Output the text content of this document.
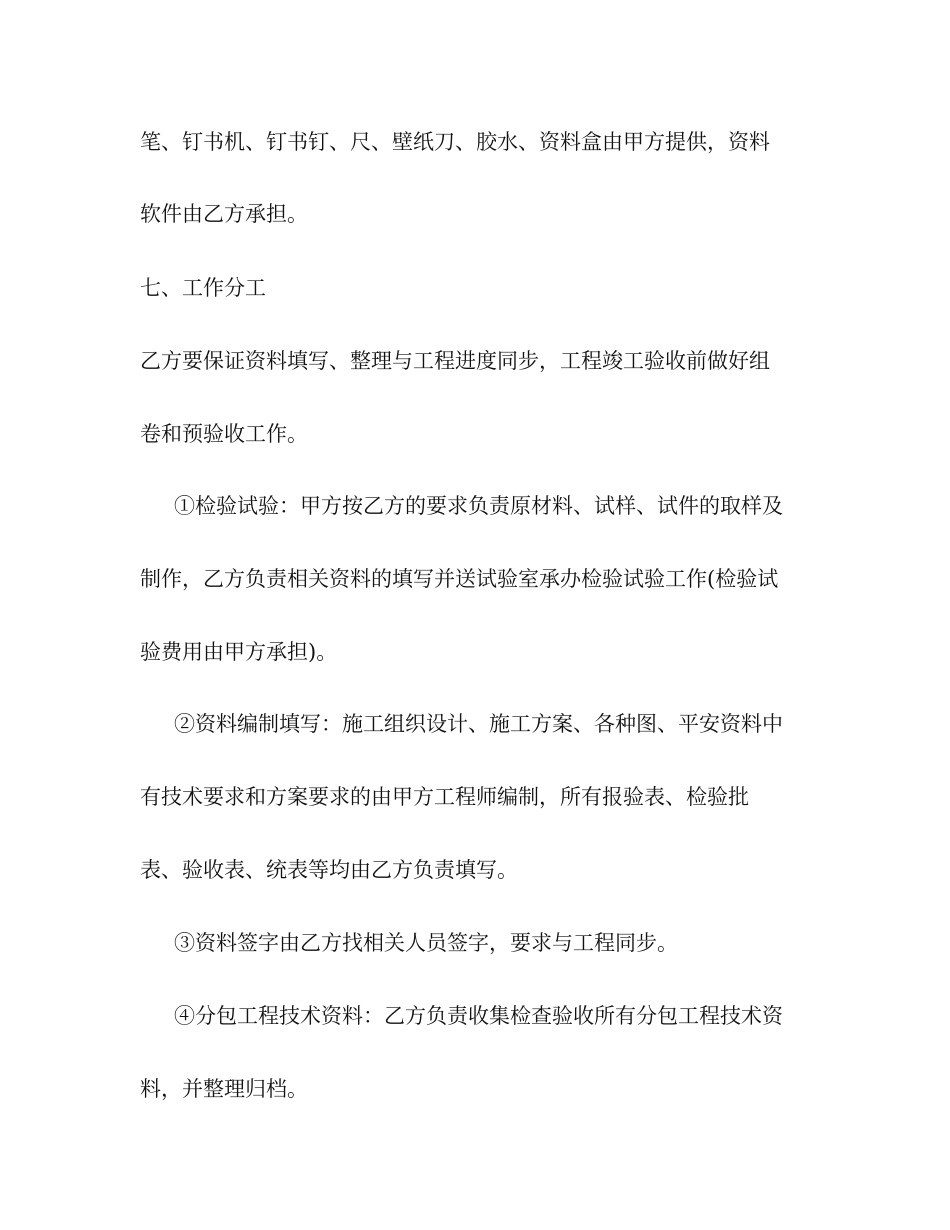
笔、钉书机、钉书钉、尺、壁纸刀、胶水、资料盒由甲方提供，资料

软件由乙方承担。

七、工作分工

乙方要保证资料填写、整理与工程进度同步，工程竣工验收前做好组

卷和预验收工作。

①检验试验：甲方按乙方的要求负责原材料、试样、试件的取样及

制作，乙方负责相关资料的填写并送试验室承办检验试验工作(检验试

验费用由甲方承担)。

②资料编制填写：施工组织设计、施工方案、各种图、平安资料中

有技术要求和方案要求的由甲方工程师编制，所有报验表、检验批

表、验收表、统表等均由乙方负责填写。

③资料签字由乙方找相关人员签字，要求与工程同步。

④分包工程技术资料：乙方负责收集检查验收所有分包工程技术资

料，并整理归档。
